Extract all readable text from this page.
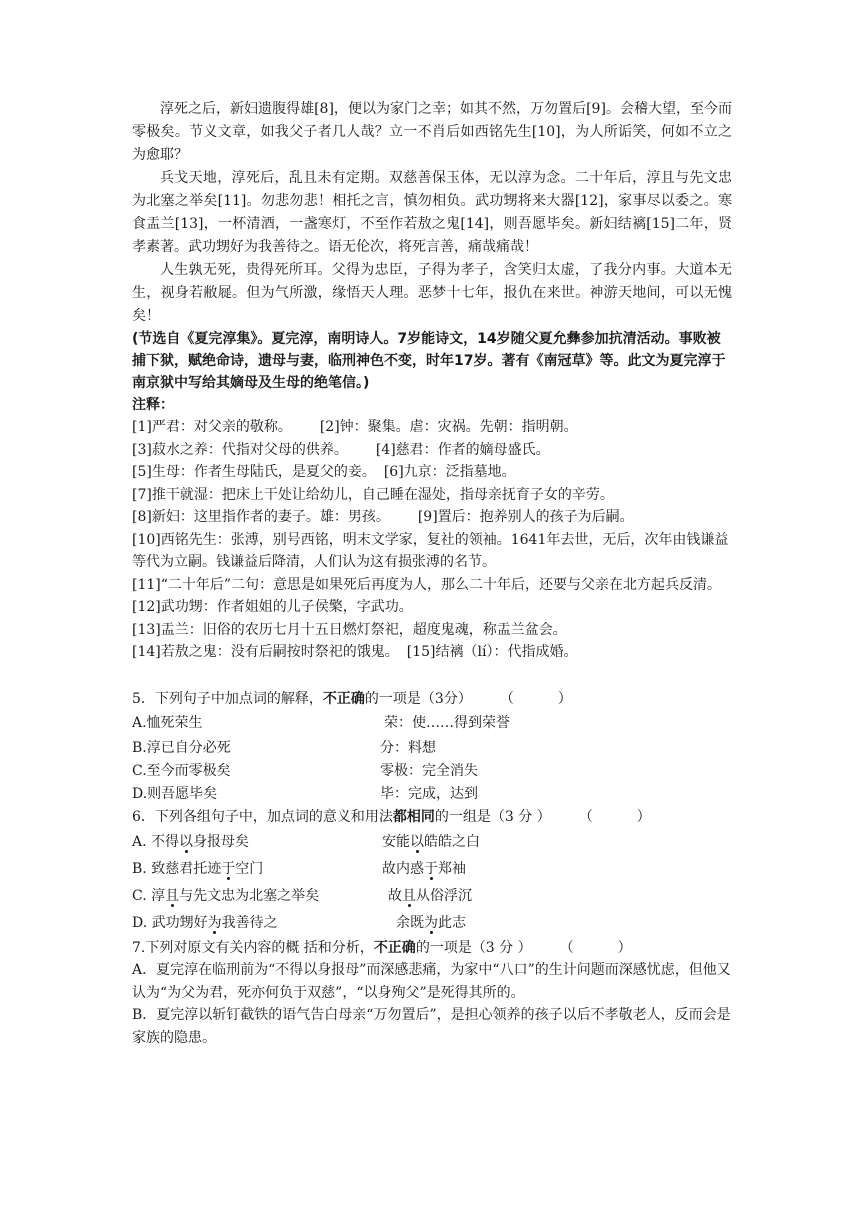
淳死之后，新妇遗腹得雄[8]，便以为家门之幸；如其不然，万勿置后[9]。会稽大望，至今而零极矣。节义文章，如我父子者几人哉？立一不肖后如西铭先生[10]，为人所诟笑，何如不立之为愈耶？

兵戈天地，淳死后，乱且未有定期。双慈善保玉体，无以淳为念。二十年后，淳且与先文忠为北塞之举矣[11]。勿悲勿悲！相托之言，慎勿相负。武功甥将来大器[12]，家事尽以委之。寒食盂兰[13]，一杯清酒，一盏寒灯，不至作若敖之鬼[14]，则吾愿毕矣。新妇结褵[15]二年，贤孝素著。武功甥好为我善待之。语无伦次，将死言善，痛哉痛哉！

人生孰无死，贵得死所耳。父得为忠臣，子得为孝子，含笑归太虚，了我分内事。大道本无生，视身若敝屣。但为气所激，缘悟天人理。恶梦十七年，报仇在来世。神游天地间，可以无愧矣！

(节选自《夏完淳集》。夏完淳，南明诗人。7岁能诗文，14岁随父夏允彝参加抗清活动。事败被捕下狱，赋绝命诗，遗母与妻，临刑神色不变，时年17岁。著有《南冠草》等。此文为夏完淳于南京狱中写给其嫡母及生母的绝笔信。)

注释：

[1]严君：对父亲的敬称。 [2]钟：聚集。虐：灾祸。先朝：指明朝。

[3]菽水之养：代指对父母的供养。 [4]慈君：作者的嫡母盛氏。

[5]生母：作者生母陆氏，是夏父的妾。 [6]九京：泛指墓地。

[7]推干就湿：把床上干处让给幼儿，自己睡在湿处，指母亲抚育子女的辛劳。

[8]新妇：这里指作者的妻子。雄：男孩。 [9]置后：抱养别人的孩子为后嗣。

[10]西铭先生：张溥，别号西铭，明末文学家，复社的领袖。1641年去世，无后，次年由钱谦益等代为立嗣。钱谦益后降清，人们认为这有损张溥的名节。

[11]“二十年后”二句：意思是如果死后再度为人，那么二十年后，还要与父亲在北方起兵反清。

[12]武功甥：作者姐姐的儿子侯檠，字武功。

[13]盂兰：旧俗的农历七月十五日燃灯祭祀，超度鬼魂，称盂兰盆会。

[14]若敖之鬼：没有后嗣按时祭祀的饿鬼。 [15]结褵（lí）：代指成婚。

5．下列句子中加点词的解释，不正确的一项是（3分） （	）

A.恤死荣生	荣：使……得到荣誉
B.淳已自分必死	分：料想
C.至今而零极矣	零极：完全消失
D.则吾愿毕矣	毕：完成，达到

6．下列各组句子中，加点词的意义和用法都相同的一组是（3 分 ） （	）

A. 不得以身报母矣	安能以皓皓之白
B. 致慈君托迹于空门	故内惑于郑袖
C. 淳且与先文忠为北塞之举矣	故且从俗浮沉
D. 武功甥好为我善待之	余既为此志

7.下列对原文有关内容的概 括和分析，不正确的一项是（3 分 ） （	）

A．夏完淳在临刑前为“不得以身报母”而深感悲痛，为家中“八口”的生计问题而深感忧虑，但他又认为“为父为君，死亦何负于双慈”，“以身殉父”是死得其所的。

B．夏完淳以斩钉截铁的语气告白母亲“万勿置后”，是担心领养的孩子以后不孝敬老人，反而会是家族的隐患。
